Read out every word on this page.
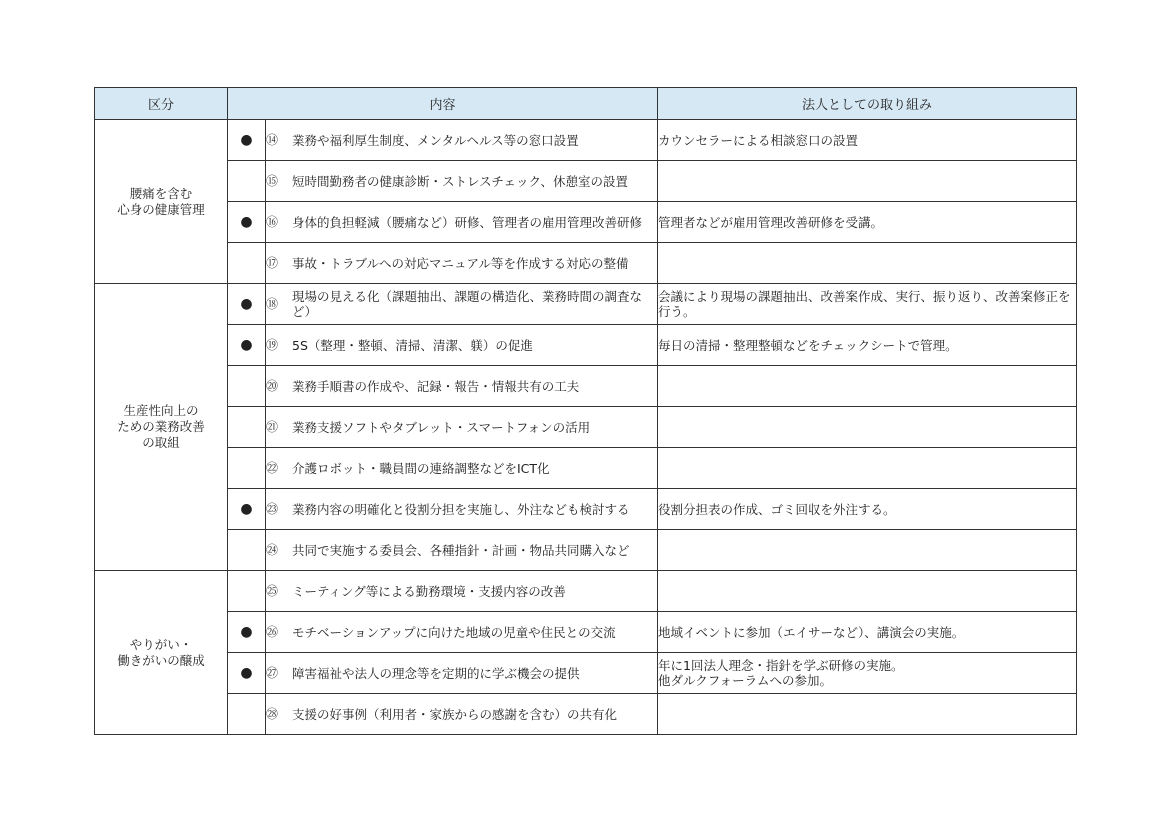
区分	内容		法人としての取り組み
腰痛を含む
心身の健康管理	●	⑭ 業務や福利厚生制度、メンタルヘルス等の窓口設置	カウンセラーによる相談窓口の設置

		⑮ 短時間勤務者の健康診断・ストレスチェック、休憩室の設置	

	●	⑯ 身体的負担軽減（腰痛など）研修、管理者の雇用管理改善研修	管理者などが雇用管理改善研修を受講。

		⑰ 事故・トラブルへの対応マニュアル等を作成する対応の整備	

生産性向上の
ための業務改善
の取組	●	⑱ 現場の見える化（課題抽出、課題の構造化、業務時間の調査など）	会議により現場の課題抽出、改善案作成、実行、振り返り、改善案修正を行う。
	●	⑲ 5S（整理・整頓、清掃、清潔、躾）の促進	毎日の清掃・整理整頓などをチェックシートで管理。

		⑳ 業務手順書の作成や、記録・報告・情報共有の工夫	

		㉑ 業務支援ソフトやタブレット・スマートフォンの活用	

		㉒ 介護ロボット・職員間の連絡調整などをICT化	

	●	㉓ 業務内容の明確化と役割分担を実施し、外注なども検討する	役割分担表の作成、ゴミ回収を外注する。

		㉔ 共同で実施する委員会、各種指針・計画・物品共同購入など	

やりがい・
働きがいの醸成		㉕ ミーティング等による勤務環境・支援内容の改善	

	●	㉖ モチベーションアップに向けた地域の児童や住民との交流	地域イベントに参加（エイサーなど）、講演会の実施。
	●	㉗ 障害福祉や法人の理念等を定期的に学ぶ機会の提供	年に1回法人理念・指針を学ぶ研修の実施。
他ダルクフォーラムへの参加。

		㉘ 支援の好事例（利用者・家族からの感謝を含む）の共有化	
